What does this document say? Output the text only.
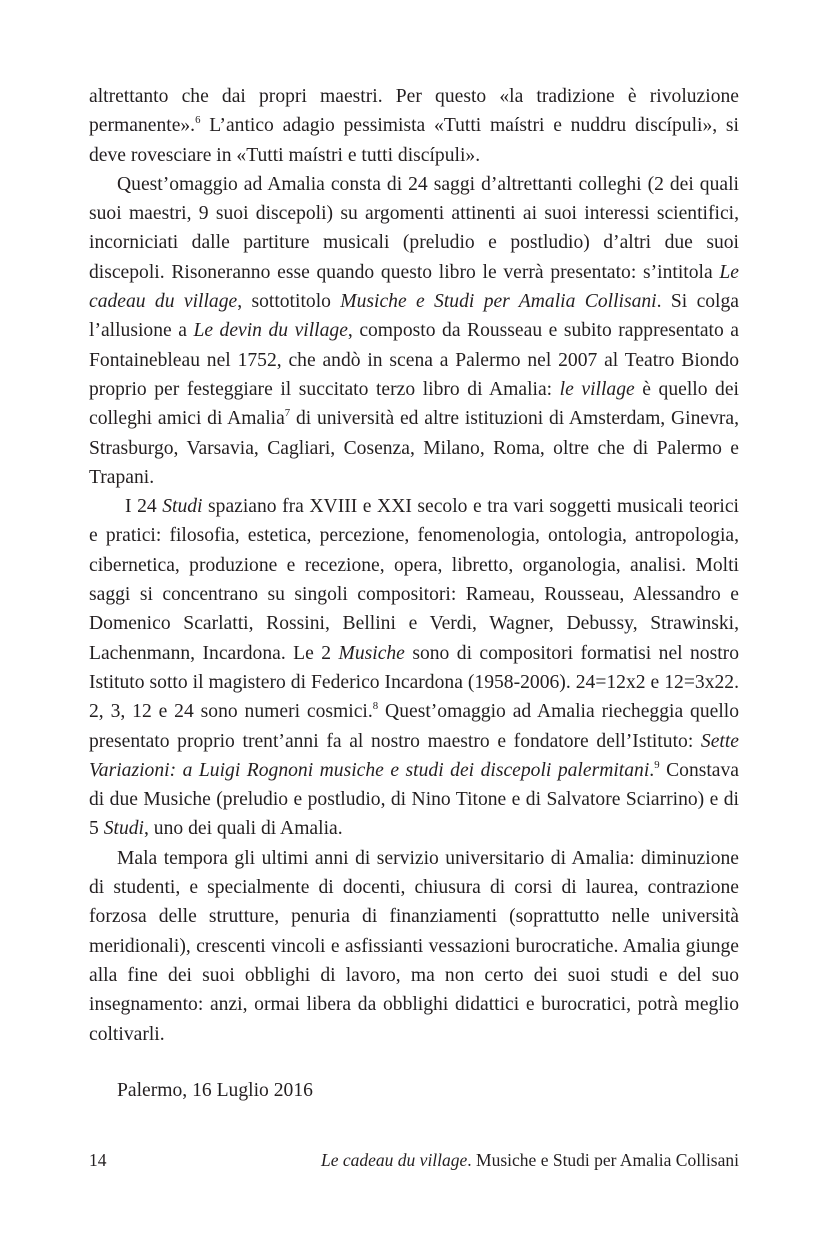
altrettanto che dai propri maestri. Per questo «la tradizione è rivoluzione permanente».$^6$ L’antico adagio pessimista «Tutti maístri e nuddru discípuli», si deve rovesciare in «Tutti maístri e tutti discípuli».

Quest’omaggio ad Amalia consta di 24 saggi d’altrettanti colleghi (2 dei quali suoi maestri, 9 suoi discepoli) su argomenti attinenti ai suoi interessi scientifici, incorniciati dalle partiture musicali (preludio e postludio) d’altri due suoi discepoli. Risoneranno esse quando questo libro le verrà presentato: s’intitola Le cadeau du village, sottotitolo Musiche e Studi per Amalia Collisani. Si colga l’allusione a Le devin du village, composto da Rousseau e subito rappresentato a Fontainebleau nel 1752, che andò in scena a Palermo nel 2007 al Teatro Biondo proprio per festeggiare il succitato terzo libro di Amalia: le village è quello dei colleghi amici di Amalia$^7$ di università ed altre istituzioni di Amsterdam, Ginevra, Strasburgo, Varsavia, Cagliari, Cosenza, Milano, Roma, oltre che di Palermo e Trapani.

I 24 Studi spaziano fra XVIII e XXI secolo e tra vari soggetti musicali teorici e pratici: filosofia, estetica, percezione, fenomenologia, ontologia, antropologia, cibernetica, produzione e recezione, opera, libretto, organologia, analisi. Molti saggi si concentrano su singoli compositori: Rameau, Rousseau, Alessandro e Domenico Scarlatti, Rossini, Bellini e Verdi, Wagner, Debussy, Strawinski, Lachenmann, Incardona. Le 2 Musiche sono di compositori formatisi nel nostro Istituto sotto il magistero di Federico Incardona (1958-2006). 24=12x2 e 12=3x22. 2, 3, 12 e 24 sono numeri cosmici.$^8$ Quest’omaggio ad Amalia riecheggia quello presentato proprio trent’anni fa al nostro maestro e fondatore dell’Istituto: Sette Variazioni: a Luigi Rognoni musiche e studi dei discepoli palermitani.$^9$ Constava di due Musiche (preludio e postludio, di Nino Titone e di Salvatore Sciarrino) e di 5 Studi, uno dei quali di Amalia.

Mala tempora gli ultimi anni di servizio universitario di Amalia: diminuzione di studenti, e specialmente di docenti, chiusura di corsi di laurea, contrazione forzosa delle strutture, penuria di finanziamenti (soprattutto nelle università meridionali), crescenti vincoli e asfissianti vessazioni burocratiche. Amalia giunge alla fine dei suoi obblighi di lavoro, ma non certo dei suoi studi e del suo insegnamento: anzi, ormai libera da obblighi didattici e burocratici, potrà meglio coltivarli.

Palermo, 16 Luglio 2016
14	Le cadeau du village. Musiche e Studi per Amalia Collisani
